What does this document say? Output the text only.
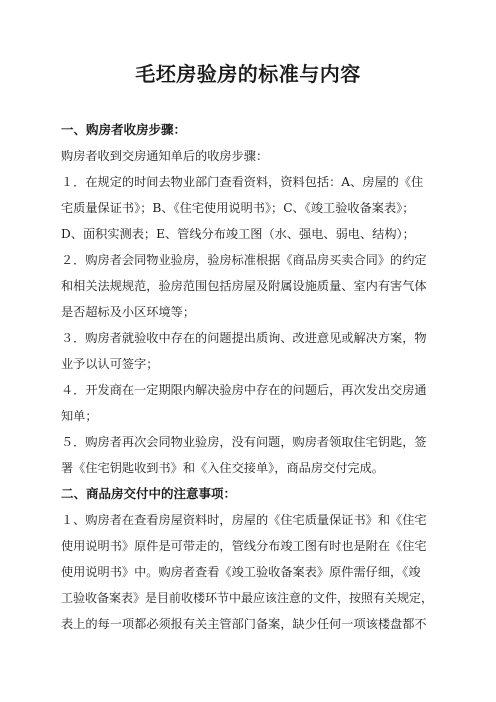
毛坯房验房的标准与内容
一、购房者收房步骤：
购房者收到交房通知单后的收房步骤：
１．在规定的时间去物业部门查看资料，资料包括：A、房屋的《住
宅质量保证书》；B、《住宅使用说明书》；C、《竣工验收备案表》；
D、面积实测表；E、管线分布竣工图（水、强电、弱电、结构）；
２．购房者会同物业验房，验房标准根据《商品房买卖合同》的约定
和相关法规规范，验房范围包括房屋及附属设施质量、室内有害气体
是否超标及小区环境等；
３．购房者就验收中存在的问题提出质询、改进意见或解决方案，物
业予以认可签字；
４．开发商在一定期限内解决验房中存在的问题后，再次发出交房通
知单；
５．购房者再次会同物业验房，没有问题，购房者领取住宅钥匙，签
署《住宅钥匙收到书》和《入住交接单》，商品房交付完成。
二、商品房交付中的注意事项：
１、购房者在查看房屋资料时，房屋的《住宅质量保证书》和《住宅
使用说明书》原件是可带走的，管线分布竣工图有时也是附在《住宅
使用说明书》中。购房者查看《竣工验收备案表》原件需仔细，《竣
工验收备案表》是目前收楼环节中最应该注意的文件，按照有关规定，
表上的每一项都必须报有关主管部门备案，缺少任何一项该楼盘都不
